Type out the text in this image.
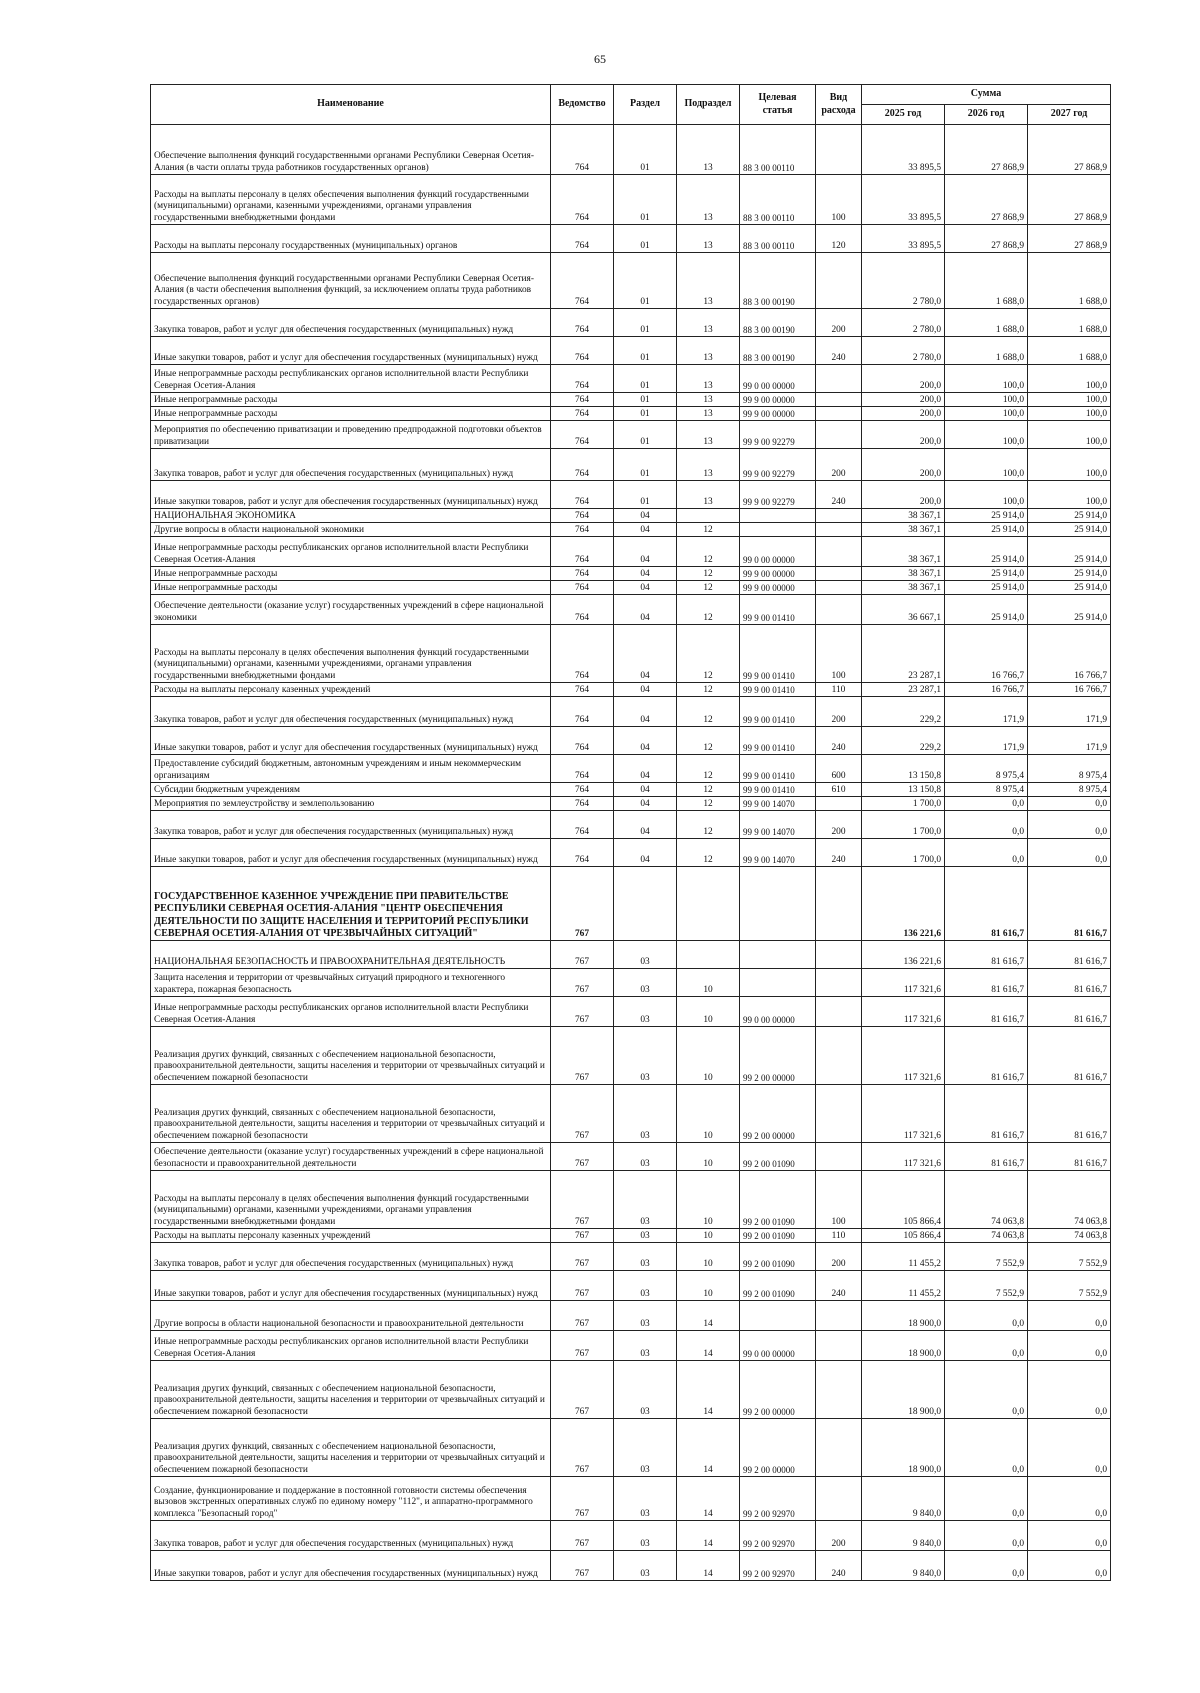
65
Наименование	Ведомство	Раздел	Подраздел	Целевая статья	Вид расхода	Сумма		
						2025 год	2026 год	2027 год
Обеспечение выполнения функций государственными органами Республики Северная Осетия-Алания (в части оплаты труда работников государственных органов)	764	01	13	88 3 00 00110		33 895,5	27 868,9	27 868,9
Расходы на выплаты персоналу в целях обеспечения выполнения функций государственными (муниципальными) органами, казенными учреждениями, органами управления государственными внебюджетными фондами	764	01	13	88 3 00 00110	100	33 895,5	27 868,9	27 868,9
Расходы на выплаты персоналу государственных (муниципальных) органов	764	01	13	88 3 00 00110	120	33 895,5	27 868,9	27 868,9
Обеспечение выполнения функций государственными органами Республики Северная Осетия-Алания (в части обеспечения выполнения функций, за исключением оплаты труда работников государственных органов)	764	01	13	88 3 00 00190		2 780,0	1 688,0	1 688,0
Закупка товаров, работ и услуг для обеспечения государственных (муниципальных) нужд	764	01	13	88 3 00 00190	200	2 780,0	1 688,0	1 688,0
Иные закупки товаров, работ и услуг для обеспечения государственных (муниципальных) нужд	764	01	13	88 3 00 00190	240	2 780,0	1 688,0	1 688,0
Иные непрограммные расходы республиканских органов исполнительной власти Республики Северная Осетия-Алания	764	01	13	99 0 00 00000		200,0	100,0	100,0
Иные непрограммные расходы	764	01	13	99 9 00 00000		200,0	100,0	100,0
Иные непрограммные расходы	764	01	13	99 9 00 00000		200,0	100,0	100,0
Мероприятия по обеспечению приватизации и проведению предпродажной подготовки объектов приватизации	764	01	13	99 9 00 92279		200,0	100,0	100,0
Закупка товаров, работ и услуг для обеспечения государственных (муниципальных) нужд	764	01	13	99 9 00 92279	200	200,0	100,0	100,0
Иные закупки товаров, работ и услуг для обеспечения государственных (муниципальных) нужд	764	01	13	99 9 00 92279	240	200,0	100,0	100,0
НАЦИОНАЛЬНАЯ ЭКОНОМИКА	764	04				38 367,1	25 914,0	25 914,0
Другие вопросы в области национальной экономики	764	04	12			38 367,1	25 914,0	25 914,0
Иные непрограммные расходы республиканских органов исполнительной власти Республики Северная Осетия-Алания	764	04	12	99 0 00 00000		38 367,1	25 914,0	25 914,0
Иные непрограммные расходы	764	04	12	99 9 00 00000		38 367,1	25 914,0	25 914,0
Иные непрограммные расходы	764	04	12	99 9 00 00000		38 367,1	25 914,0	25 914,0
Обеспечение деятельности (оказание услуг) государственных учреждений в сфере национальной экономики	764	04	12	99 9 00 01410		36 667,1	25 914,0	25 914,0
Расходы на выплаты персоналу в целях обеспечения выполнения функций государственными (муниципальными) органами, казенными учреждениями, органами управления государственными внебюджетными фондами	764	04	12	99 9 00 01410	100	23 287,1	16 766,7	16 766,7
Расходы на выплаты персоналу казенных учреждений	764	04	12	99 9 00 01410	110	23 287,1	16 766,7	16 766,7
Закупка товаров, работ и услуг для обеспечения государственных (муниципальных) нужд	764	04	12	99 9 00 01410	200	229,2	171,9	171,9
Иные закупки товаров, работ и услуг для обеспечения государственных (муниципальных) нужд	764	04	12	99 9 00 01410	240	229,2	171,9	171,9
Предоставление субсидий бюджетным, автономным учреждениям и иным некоммерческим организациям	764	04	12	99 9 00 01410	600	13 150,8	8 975,4	8 975,4
Субсидии бюджетным учреждениям	764	04	12	99 9 00 01410	610	13 150,8	8 975,4	8 975,4
Мероприятия по землеустройству и землепользованию	764	04	12	99 9 00 14070		1 700,0	0,0	0,0
Закупка товаров, работ и услуг для обеспечения государственных (муниципальных) нужд	764	04	12	99 9 00 14070	200	1 700,0	0,0	0,0
Иные закупки товаров, работ и услуг для обеспечения государственных (муниципальных) нужд	764	04	12	99 9 00 14070	240	1 700,0	0,0	0,0
ГОСУДАРСТВЕННОЕ КАЗЕННОЕ УЧРЕЖДЕНИЕ ПРИ ПРАВИТЕЛЬСТВЕ РЕСПУБЛИКИ СЕВЕРНАЯ ОСЕТИЯ-АЛАНИЯ "ЦЕНТР ОБЕСПЕЧЕНИЯ ДЕЯТЕЛЬНОСТИ ПО ЗАЩИТЕ НАСЕЛЕНИЯ И ТЕРРИТОРИЙ РЕСПУБЛИКИ СЕВЕРНАЯ ОСЕТИЯ-АЛАНИЯ ОТ ЧРЕЗВЫЧАЙНЫХ СИТУАЦИЙ"	767					136 221,6	81 616,7	81 616,7
НАЦИОНАЛЬНАЯ БЕЗОПАСНОСТЬ И ПРАВООХРАНИТЕЛЬНАЯ ДЕЯТЕЛЬНОСТЬ	767	03				136 221,6	81 616,7	81 616,7
Защита населения и территории от чрезвычайных ситуаций природного и техногенного характера, пожарная безопасность	767	03	10			117 321,6	81 616,7	81 616,7
Иные непрограммные расходы республиканских органов исполнительной власти Республики Северная Осетия-Алания	767	03	10	99 0 00 00000		117 321,6	81 616,7	81 616,7
Реализация других функций, связанных с обеспечением национальной безопасности, правоохранительной деятельности, защиты населения и территории от чрезвычайных ситуаций и обеспечением пожарной безопасности	767	03	10	99 2 00 00000		117 321,6	81 616,7	81 616,7
Реализация других функций, связанных с обеспечением национальной безопасности, правоохранительной деятельности, защиты населения и территории от чрезвычайных ситуаций и обеспечением пожарной безопасности	767	03	10	99 2 00 00000		117 321,6	81 616,7	81 616,7
Обеспечение деятельности (оказание услуг) государственных учреждений в сфере национальной безопасности и правоохранительной деятельности	767	03	10	99 2 00 01090		117 321,6	81 616,7	81 616,7
Расходы на выплаты персоналу в целях обеспечения выполнения функций государственными (муниципальными) органами, казенными учреждениями, органами управления государственными внебюджетными фондами	767	03	10	99 2 00 01090	100	105 866,4	74 063,8	74 063,8
Расходы на выплаты персоналу казенных учреждений	767	03	10	99 2 00 01090	110	105 866,4	74 063,8	74 063,8
Закупка товаров, работ и услуг для обеспечения государственных (муниципальных) нужд	767	03	10	99 2 00 01090	200	11 455,2	7 552,9	7 552,9
Иные закупки товаров, работ и услуг для обеспечения государственных (муниципальных) нужд	767	03	10	99 2 00 01090	240	11 455,2	7 552,9	7 552,9
Другие вопросы в области национальной безопасности и правоохранительной деятельности	767	03	14			18 900,0	0,0	0,0
Иные непрограммные расходы республиканских органов исполнительной власти Республики Северная Осетия-Алания	767	03	14	99 0 00 00000		18 900,0	0,0	0,0
Реализация других функций, связанных с обеспечением национальной безопасности, правоохранительной деятельности, защиты населения и территории от чрезвычайных ситуаций и обеспечением пожарной безопасности	767	03	14	99 2 00 00000		18 900,0	0,0	0,0
Реализация других функций, связанных с обеспечением национальной безопасности, правоохранительной деятельности, защиты населения и территории от чрезвычайных ситуаций и обеспечением пожарной безопасности	767	03	14	99 2 00 00000		18 900,0	0,0	0,0
Создание, функционирование и поддержание в постоянной готовности системы обеспечения вызовов экстренных оперативных служб по единому номеру "112", и аппаратно-программного комплекса "Безопасный город"	767	03	14	99 2 00 92970		9 840,0	0,0	0,0
Закупка товаров, работ и услуг для обеспечения государственных (муниципальных) нужд	767	03	14	99 2 00 92970	200	9 840,0	0,0	0,0
Иные закупки товаров, работ и услуг для обеспечения государственных (муниципальных) нужд	767	03	14	99 2 00 92970	240	9 840,0	0,0	0,0
